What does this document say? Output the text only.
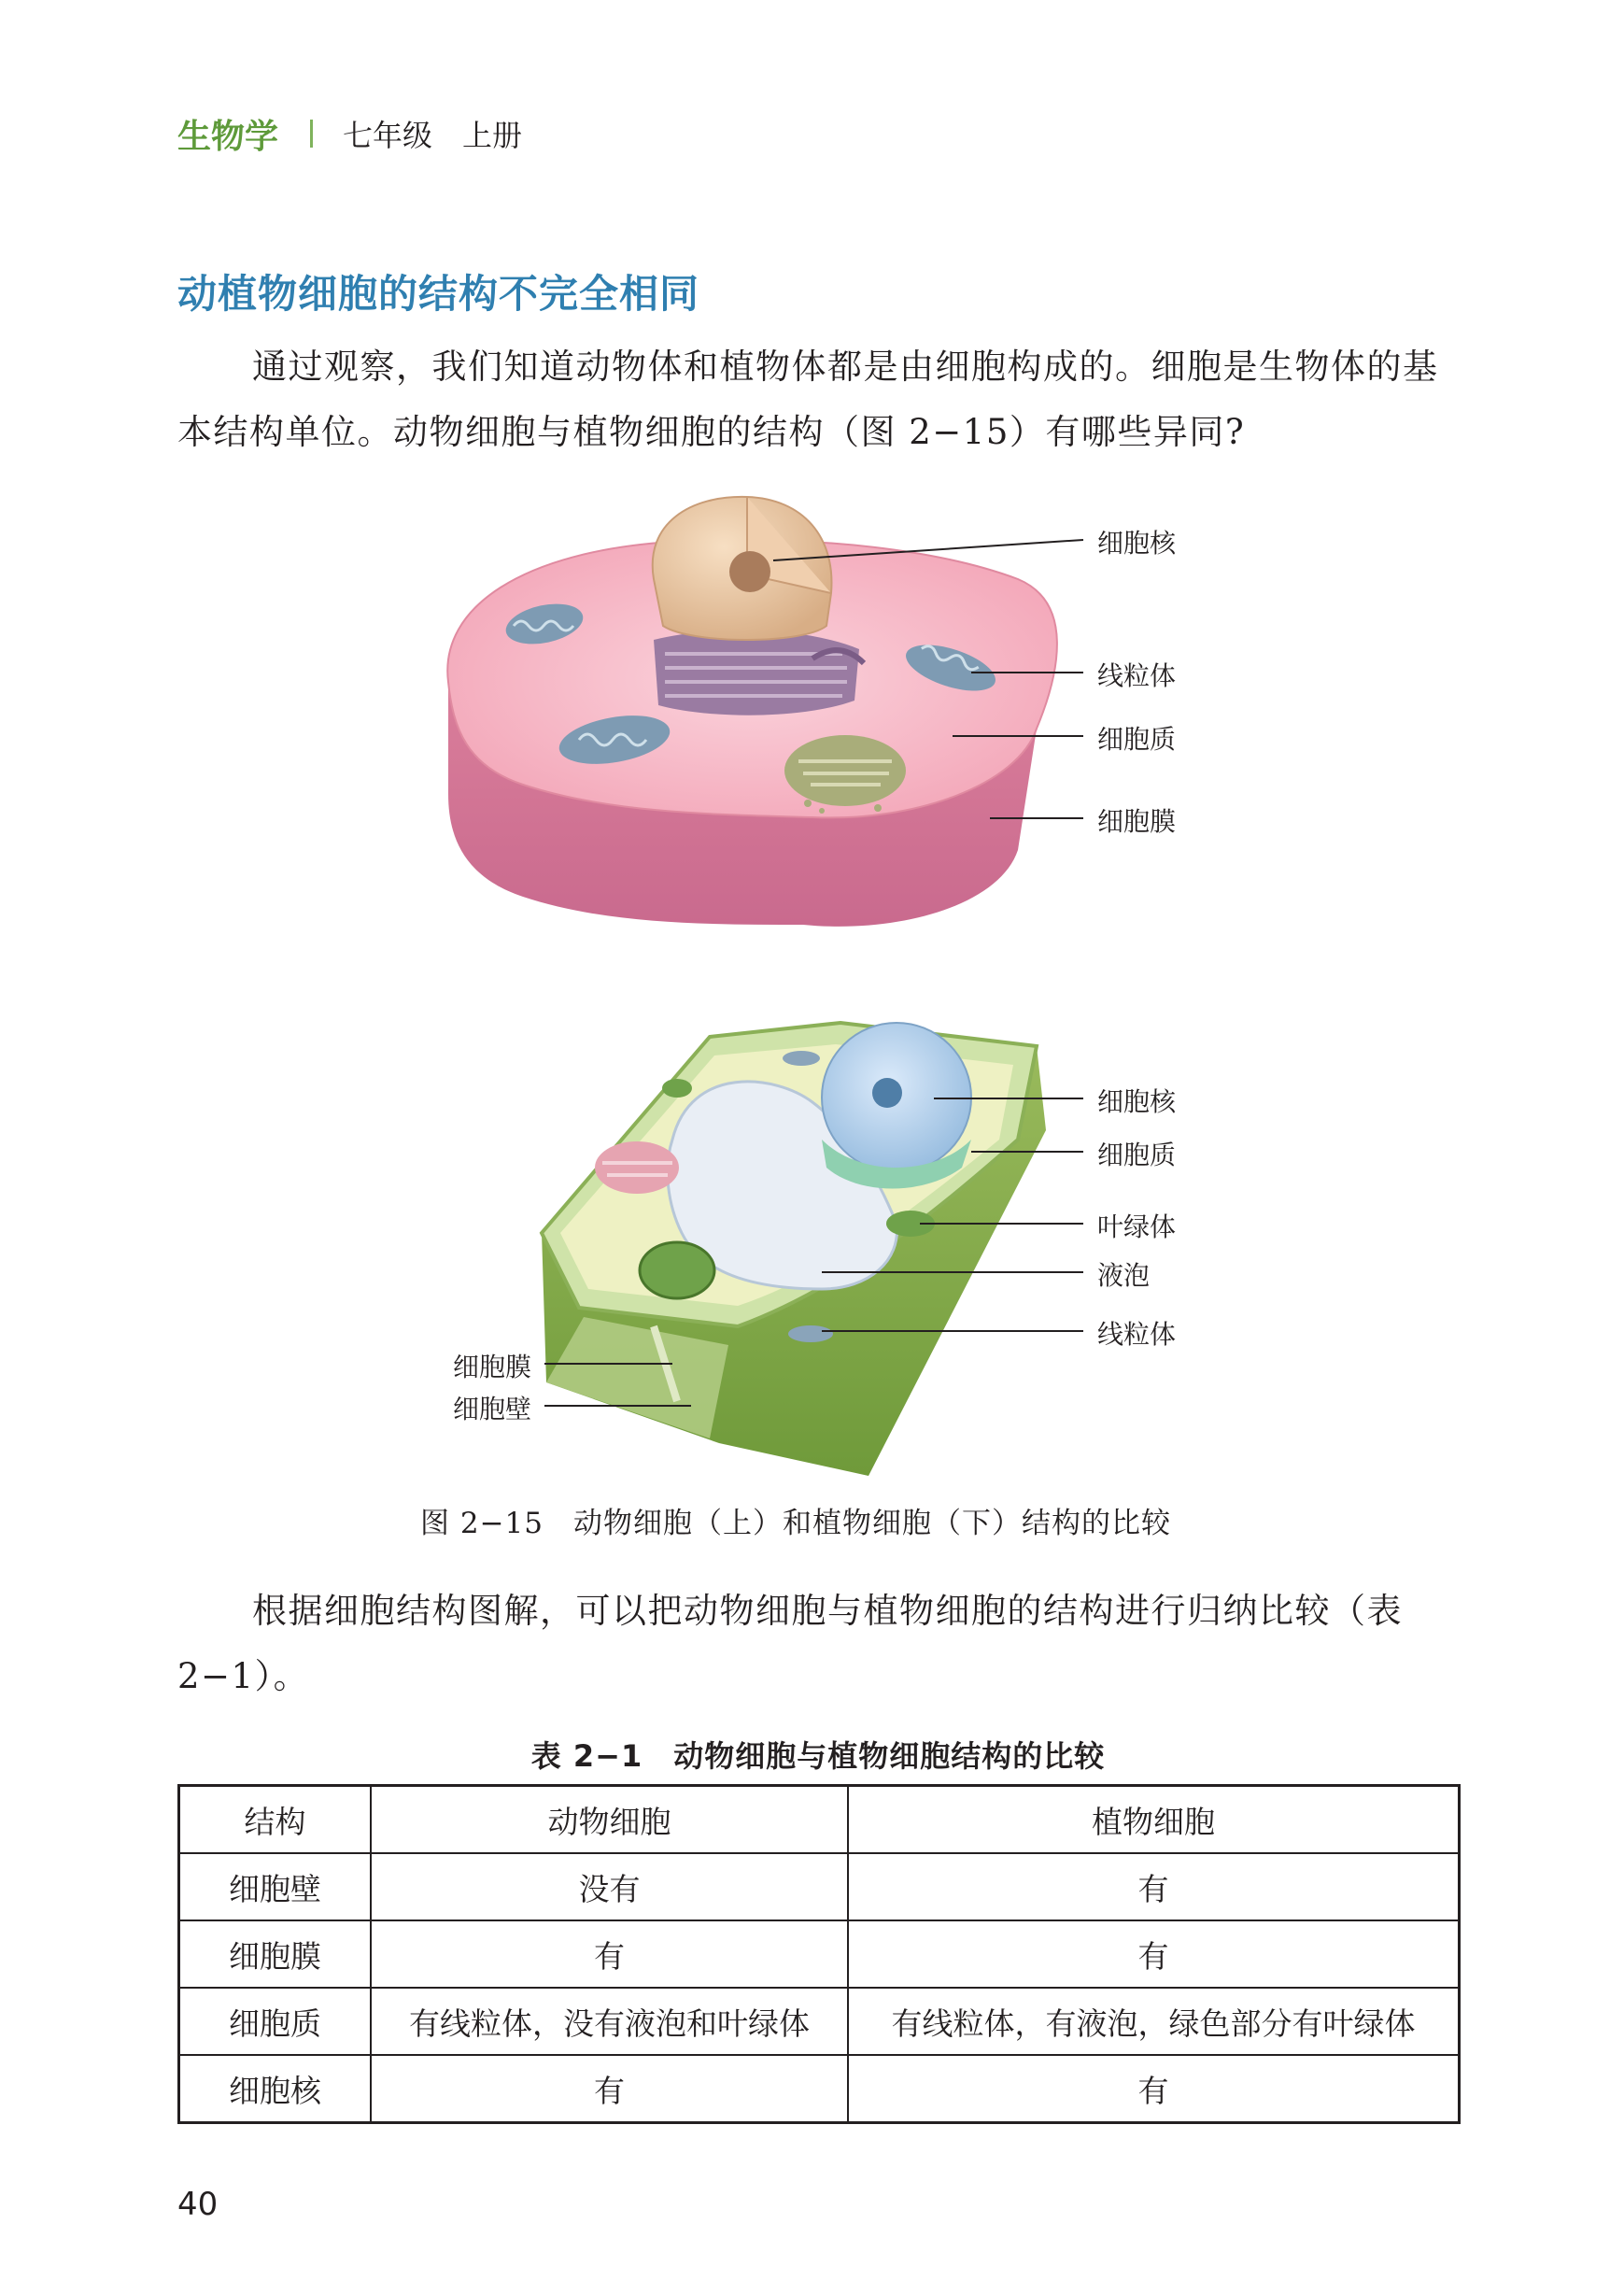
生物学 七年级　上册
动植物细胞的结构不完全相同
通过观察，我们知道动物体和植物体都是由细胞构成的。细胞是生物体的基本结构单位。动物细胞与植物细胞的结构（图 2−15）有哪些异同?
细胞核
线粒体
细胞质
细胞膜
细胞核
细胞质
叶绿体
液泡
线粒体
细胞膜
细胞壁
图 2−15　动物细胞（上）和植物细胞（下）结构的比较
根据细胞结构图解，可以把动物细胞与植物细胞的结构进行归纳比较（表 2−1）。
表 2−1　动物细胞与植物细胞结构的比较
结构	动物细胞	植物细胞
细胞壁	没有	有
细胞膜	有	有
细胞质	有线粒体，没有液泡和叶绿体	有线粒体，有液泡，绿色部分有叶绿体
细胞核	有	有
40
